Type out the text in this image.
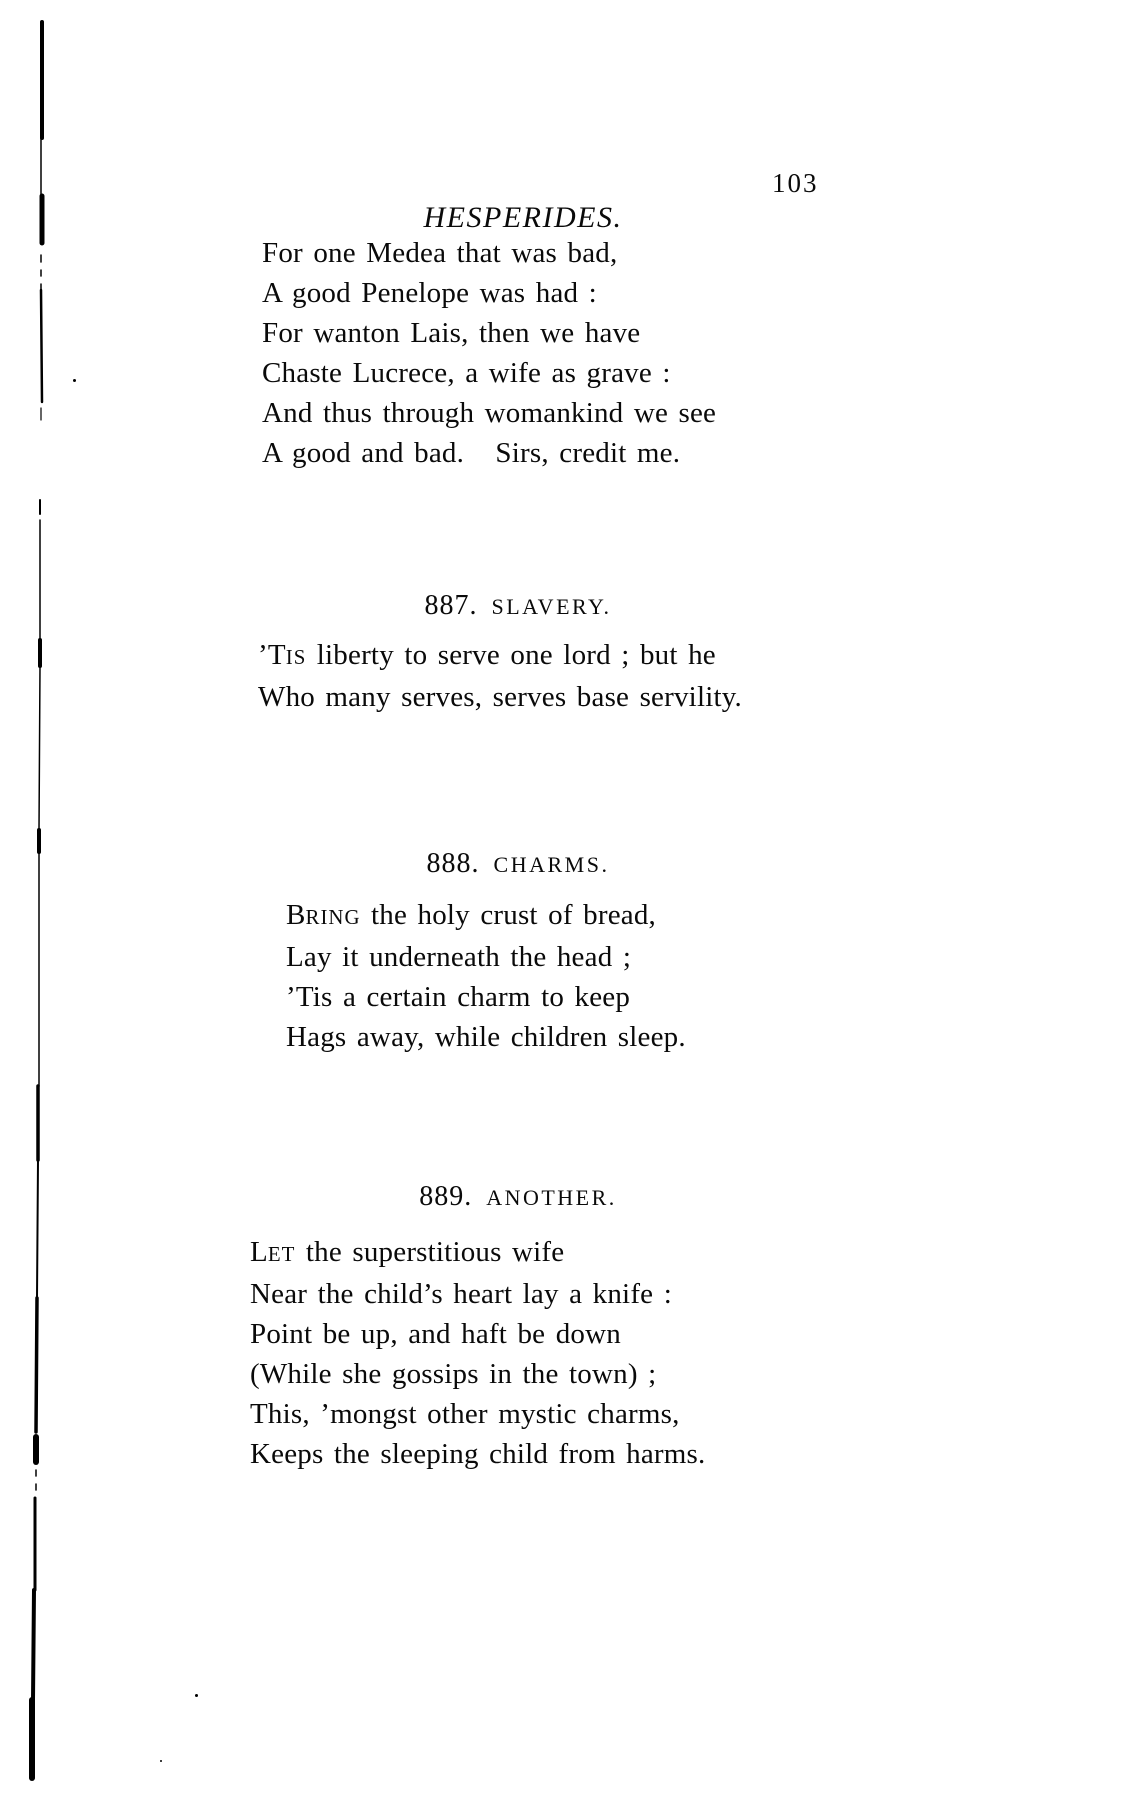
HESPERIDES.

103
For one Medea that was bad,
A good Penelope was had :
For wanton Lais, then we have
Chaste Lucrece, a wife as grave :
And thus through womankind we see
A good and bad.   Sirs, credit me.

887. SLAVERY.

’TIS liberty to serve one lord ; but he
Who many serves, serves base servility.

888. CHARMS.

BRING the holy crust of bread,
Lay it underneath the head ;
’Tis a certain charm to keep
Hags away, while children sleep.

889. ANOTHER.

LET the superstitious wife
Near the child’s heart lay a knife :
Point be up, and haft be down
(While she gossips in the town) ;
This, ’mongst other mystic charms,
Keeps the sleeping child from harms.
